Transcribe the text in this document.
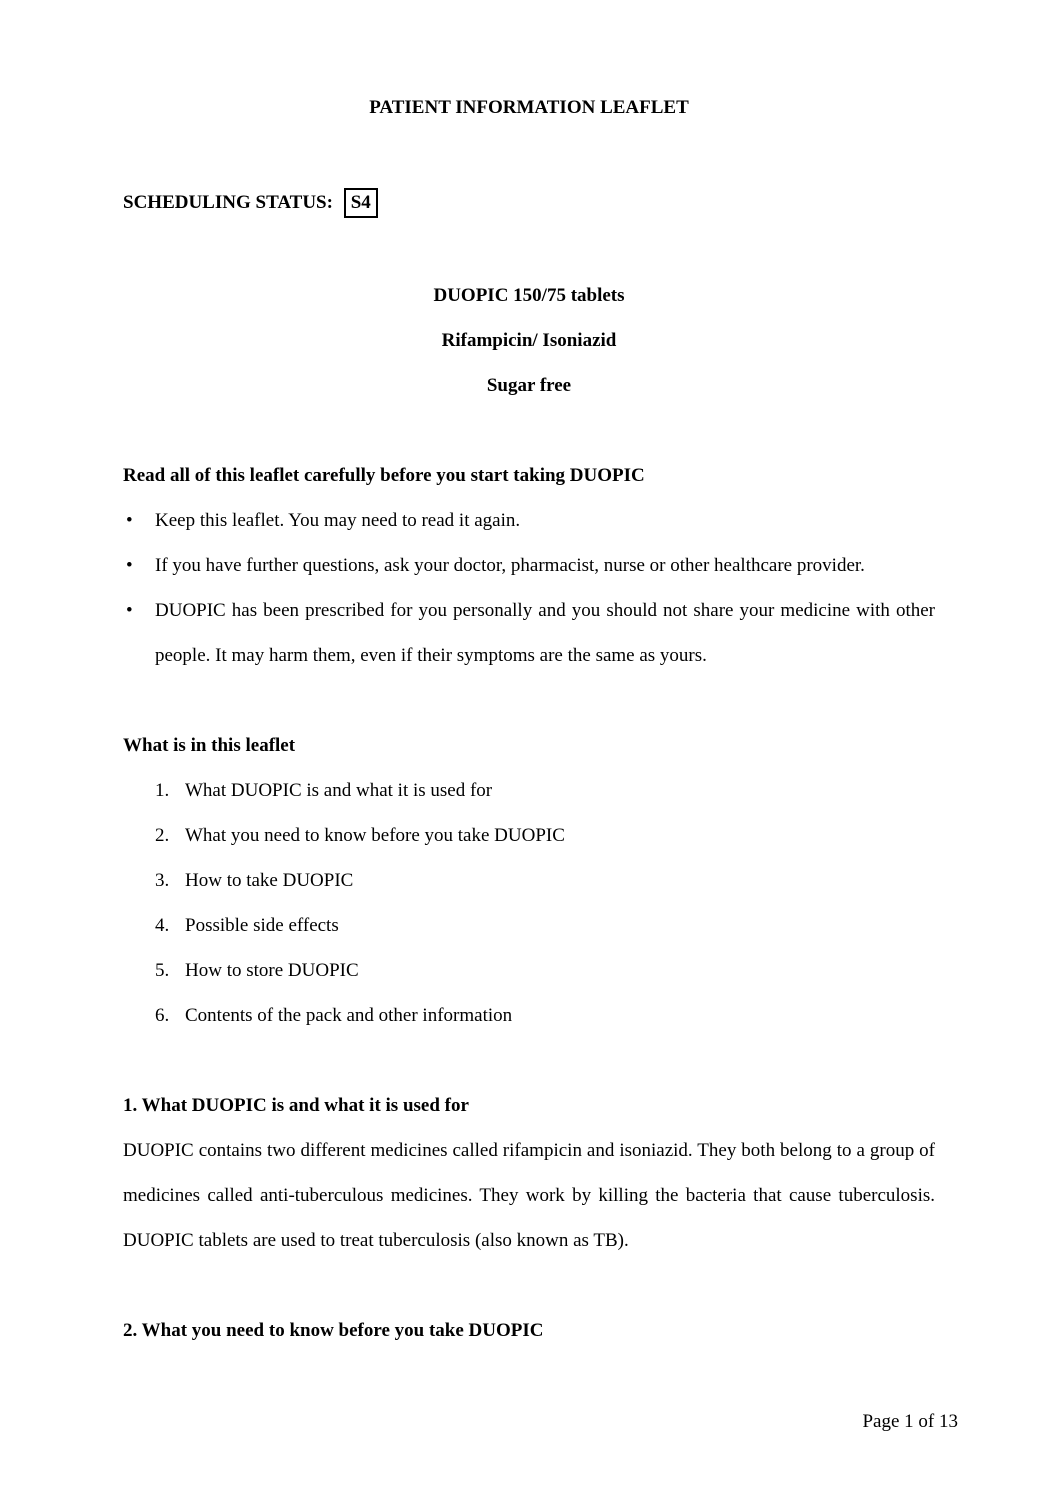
PATIENT INFORMATION LEAFLET
SCHEDULING STATUS: S4
DUOPIC 150/75 tablets
Rifampicin/ Isoniazid
Sugar free
Read all of this leaflet carefully before you start taking DUOPIC
•
Keep this leaflet. You may need to read it again.
•
If you have further questions, ask your doctor, pharmacist, nurse or other healthcare provider.
•
DUOPIC has been prescribed for you personally and you should not share your medicine with other people. It may harm them, even if their symptoms are the same as yours.
What is in this leaflet
1. What DUOPIC is and what it is used for
2. What you need to know before you take DUOPIC
3. How to take DUOPIC
4. Possible side effects
5. How to store DUOPIC
6. Contents of the pack and other information
1. What DUOPIC is and what it is used for
DUOPIC contains two different medicines called rifampicin and isoniazid. They both belong to a group of medicines called anti-tuberculous medicines. They work by killing the bacteria that cause tuberculosis. DUOPIC tablets are used to treat tuberculosis (also known as TB).
2. What you need to know before you take DUOPIC
Page 1 of 13
